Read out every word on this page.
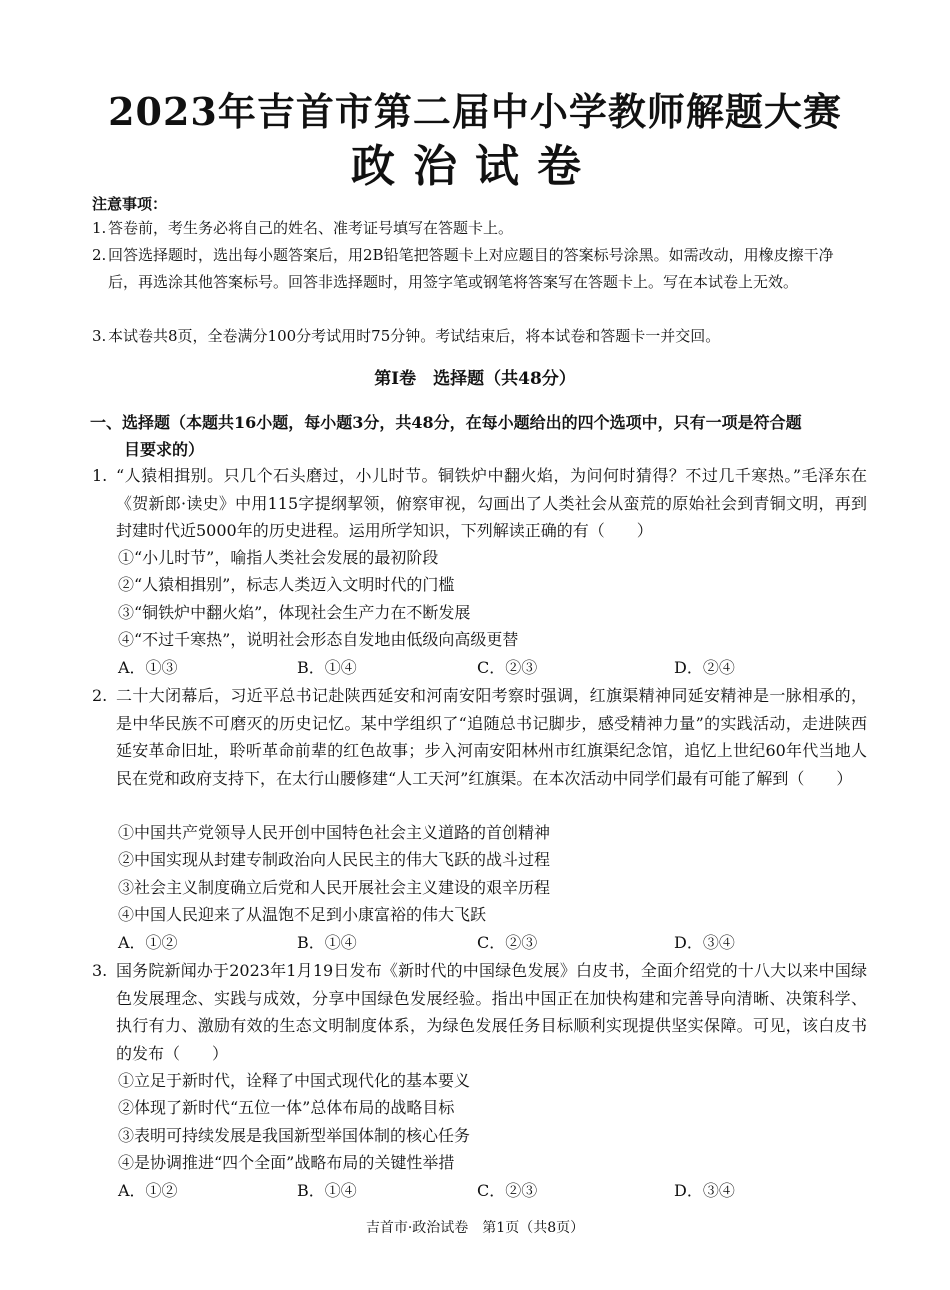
2023年吉首市第二届中小学教师解题大赛
政治试卷
注意事项：
1. 答卷前，考生务必将自己的姓名、准考证号填写在答题卡上。
2. 回答选择题时，选出每小题答案后，用2B铅笔把答题卡上对应题目的答案标号涂黑。如需改动，用橡皮擦干净后，再选涂其他答案标号。回答非选择题时，用签字笔或钢笔将答案写在答题卡上。写在本试卷上无效。
3. 本试卷共8页，全卷满分100分考试用时75分钟。考试结束后，将本试卷和答题卡一并交回。
第I卷　选择题（共48分）
一、选择题（本题共16小题，每小题3分，共48分，在每小题给出的四个选项中，只有一项是符合题
目要求的）
1. “人猿相揖别。只几个石头磨过，小儿时节。铜铁炉中翻火焰，为问何时猜得？不过几千寒热。”毛泽东在《贺新郎·读史》中用115字提纲挈领，俯察审视，勾画出了人类社会从蛮荒的原始社会到青铜文明，再到封建时代近5000年的历史进程。运用所学知识，下列解读正确的有（　　）
①“小儿时节”，喻指人类社会发展的最初阶段
②“人猿相揖别”，标志人类迈入文明时代的门槛
③“铜铁炉中翻火焰”，体现社会生产力在不断发展
④“不过千寒热”，说明社会形态自发地由低级向高级更替
A．①③	B．①④	C．②③	D．②④
2. 二十大闭幕后，习近平总书记赴陕西延安和河南安阳考察时强调，红旗渠精神同延安精神是一脉相承的，是中华民族不可磨灭的历史记忆。某中学组织了“追随总书记脚步，感受精神力量”的实践活动，走进陕西延安革命旧址，聆听革命前辈的红色故事；步入河南安阳林州市红旗渠纪念馆，追忆上世纪60年代当地人民在党和政府支持下，在太行山腰修建“人工天河”红旗渠。在本次活动中同学们最有可能了解到（　　）
①中国共产党领导人民开创中国特色社会主义道路的首创精神
②中国实现从封建专制政治向人民民主的伟大飞跃的战斗过程
③社会主义制度确立后党和人民开展社会主义建设的艰辛历程
④中国人民迎来了从温饱不足到小康富裕的伟大飞跃
A．①②	B．①④	C．②③	D．③④
3. 国务院新闻办于2023年1月19日发布《新时代的中国绿色发展》白皮书，全面介绍党的十八大以来中国绿色发展理念、实践与成效，分享中国绿色发展经验。指出中国正在加快构建和完善导向清晰、决策科学、执行有力、激励有效的生态文明制度体系，为绿色发展任务目标顺利实现提供坚实保障。可见，该白皮书的发布（　　）
①立足于新时代，诠释了中国式现代化的基本要义
②体现了新时代“五位一体”总体布局的战略目标
③表明可持续发展是我国新型举国体制的核心任务
④是协调推进“四个全面”战略布局的关键性举措
A．①②	B．①④	C．②③	D．③④
吉首市·政治试卷　第1页（共8页）
